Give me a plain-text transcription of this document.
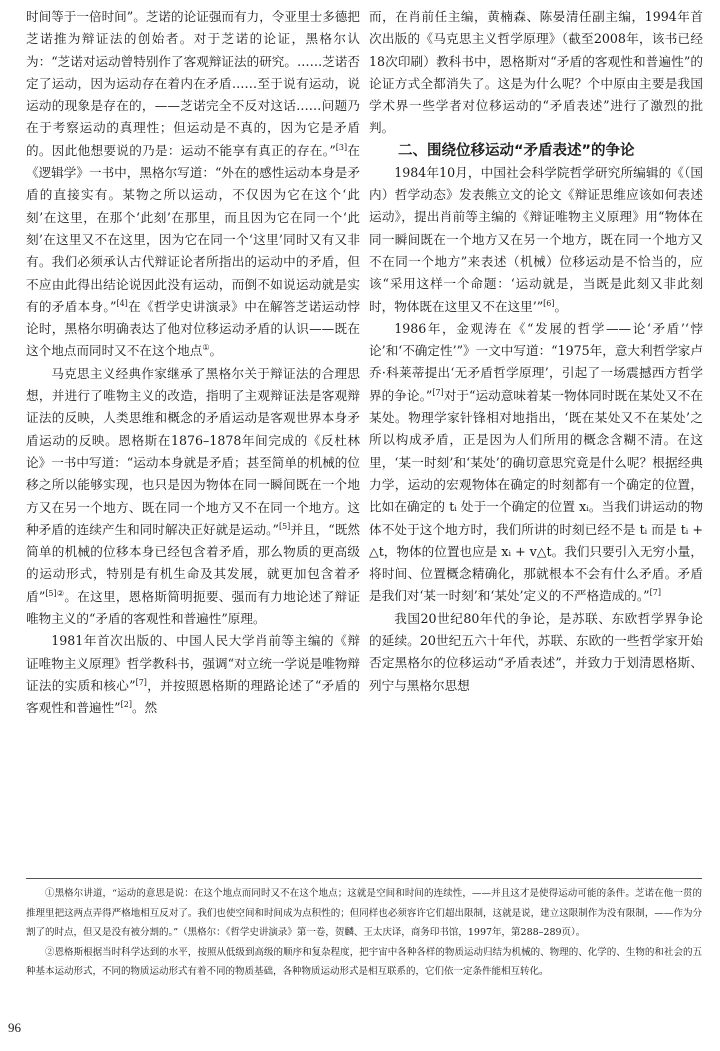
时间等于一倍时间”。芝诺的论证强而有力，令亚里士多德把芝诺推为辩证法的创始者。对于芝诺的论证，黑格尔认为：“芝诺对运动曾特别作了客观辩证法的研究。……芝诺否定了运动，因为运动存在着内在矛盾……至于说有运动，说运动的现象是存在的，——芝诺完全不反对这话……问题乃在于考察运动的真理性；但运动是不真的，因为它是矛盾的。因此他想要说的乃是：运动不能享有真正的存在。”[3]在《逻辑学》一书中，黑格尔写道：“外在的感性运动本身是矛盾的直接实有。某物之所以运动，不仅因为它在这个‘此刻’在这里，在那个‘此刻’在那里，而且因为它在同一个‘此刻’在这里又不在这里，因为它在同一个‘这里’同时又有又非有。我们必须承认古代辩证论者所指出的运动中的矛盾，但不应由此得出结论说因此没有运动，而倒不如说运动就是实有的矛盾本身。”[4]在《哲学史讲演录》中在解答芝诺运动悖论时，黑格尔明确表达了他对位移运动矛盾的认识——既在这个地点而同时又不在这个地点①。

马克思主义经典作家继承了黑格尔关于辩证法的合理思想，并进行了唯物主义的改造，指明了主观辩证法是客观辩证法的反映，人类思维和概念的矛盾运动是客观世界本身矛盾运动的反映。恩格斯在1876–1878年间完成的《反杜林论》一书中写道：“运动本身就是矛盾；甚至简单的机械的位移之所以能够实现，也只是因为物体在同一瞬间既在一个地方又在另一个地方、既在同一个地方又不在同一个地方。这种矛盾的连续产生和同时解决正好就是运动。”[5]并且，“既然简单的机械的位移本身已经包含着矛盾，那么物质的更高级的运动形式，特别是有机生命及其发展，就更加包含着矛盾”$^{[5]②}$。在这里，恩格斯简明扼要、强而有力地论述了辩证唯物主义的“矛盾的客观性和普遍性”原理。

1981年首次出版的、中国人民大学肖前等主编的《辩证唯物主义原理》哲学教科书，强调“对立统一学说是唯物辩证法的实质和核心”[7]，并按照恩格斯的理路论述了“矛盾的客观性和普遍性”[2]。然

而，在肖前任主编，黄楠森、陈晏清任副主编，1994年首次出版的《马克思主义哲学原理》（截至2008年，该书已经18次印刷）教科书中，恩格斯对“矛盾的客观性和普遍性”的论证方式全都消失了。这是为什么呢？个中原由主要是我国学术界一些学者对位移运动的“矛盾表述”进行了激烈的批判。

二、围绕位移运动“矛盾表述”的争论

1984年10月，中国社会科学院哲学研究所编辑的《（国内）哲学动态》发表熊立文的论文《辩证思维应该如何表述运动》，提出肖前等主编的《辩证唯物主义原理》用“物体在同一瞬间既在一个地方又在另一个地方，既在同一个地方又不在同一个地方”来表述（机械）位移运动是不恰当的，应该“采用这样一个命题：‘运动就是，当既是此刻又非此刻时，物体既在这里又不在这里’”[6]。

1986年，金观涛在《“发展的哲学——论‘矛盾’‘悖论’和‘不确定性’”》一文中写道：“1975年，意大利哲学家卢乔·科莱蒂提出‘无矛盾哲学原理’，引起了一场震撼西方哲学界的争论。”[7]对于“运动意味着某一物体同时既在某处又不在某处。物理学家针锋相对地指出，‘既在某处又不在某处’之所以构成矛盾，正是因为人们所用的概念含糊不清。在这里，‘某一时刻’和‘某处’的确切意思究竟是什么呢？根据经典力学，运动的宏观物体在确定的时刻都有一个确定的位置，比如在确定的 tᵢ 处于一个确定的位置 xᵢ。当我们讲运动的物体不处于这个地方时，我们所讲的时刻已经不是 tᵢ 而是 tᵢ + △t，物体的位置也应是 xᵢ + v△t。我们只要引入无穷小量，将时间、位置概念精确化，那就根本不会有什么矛盾。矛盾是我们对‘某一时刻’和‘某处’定义的不严格造成的。”[7]

我国20世纪80年代的争论，是苏联、东欧哲学界争论的延续。20世纪五六十年代，苏联、东欧的一些哲学家开始否定黑格尔的位移运动“矛盾表述”，并致力于划清恩格斯、列宁与黑格尔思想

①黑格尔讲道，“运动的意思是说：在这个地点而同时又不在这个地点；这就是空间和时间的连续性，——并且这才是使得运动可能的条件。芝诺在他一贯的推理里把这两点弄得严格地相互反对了。我们也使空间和时间成为点积性的；但同样也必须容许它们超出限制，这就是说，建立这限制作为没有限制，——作为分割了的时点，但又是没有被分割的。”（黑格尔：《哲学史讲演录》第一卷，贺麟、王太庆译，商务印书馆，1997年，第288–289页）。

②恩格斯根据当时科学达到的水平，按照从低级到高级的顺序和复杂程度，把宇宙中各种各样的物质运动归结为机械的、物理的、化学的、生物的和社会的五种基本运动形式，不同的物质运动形式有着不同的物质基础，各种物质运动形式是相互联系的，它们依一定条件能相互转化。

96
